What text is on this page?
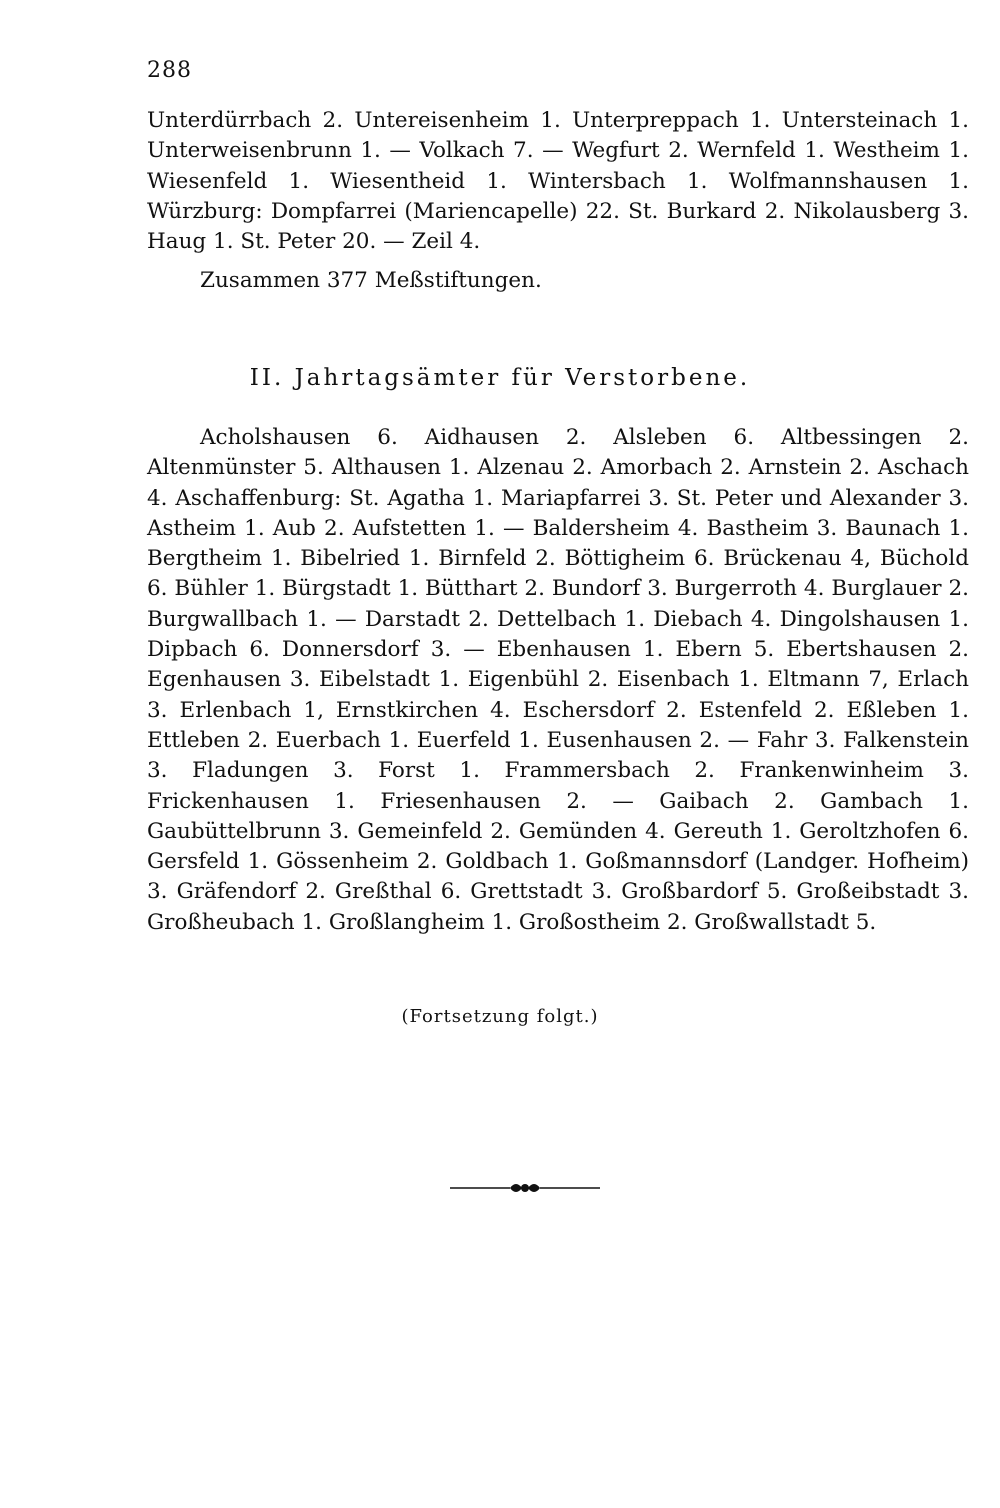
288
Unterdürrbach 2. Untereisenheim 1. Unterpreppach 1. Untersteinach 1. Unterweisenbrunn 1. — Volkach 7. — Wegfurt 2. Wernfeld 1. Westheim 1. Wiesenfeld 1. Wiesentheid 1. Wintersbach 1. Wolfmannshausen 1. Würzburg: Dompfarrei (Mariencapelle) 22. St. Burkard 2. Nikolausberg 3. Haug 1. St. Peter 20. — Zeil 4.
Zusammen 377 Meßstiftungen.
II. Jahrtagsämter für Verstorbene.
Acholshausen 6. Aidhausen 2. Alsleben 6. Altbessingen 2. Altenmünster 5. Althausen 1. Alzenau 2. Amorbach 2. Arnstein 2. Aschach 4. Aschaffenburg: St. Agatha 1. Mariapfarrei 3. St. Peter und Alexander 3. Astheim 1. Aub 2. Aufstetten 1. — Baldersheim 4. Bastheim 3. Baunach 1. Bergtheim 1. Bibelried 1. Birnfeld 2. Böttigheim 6. Brückenau 4, Büchold 6. Bühler 1. Bürgstadt 1. Bütthart 2. Bundorf 3. Burgerroth 4. Burglauer 2. Burgwallbach 1. — Darstadt 2. Dettelbach 1. Diebach 4. Dingolshausen 1. Dipbach 6. Donnersdorf 3. — Ebenhausen 1. Ebern 5. Ebertshausen 2. Egenhausen 3. Eibelstadt 1. Eigenbühl 2. Eisenbach 1. Eltmann 7, Erlach 3. Erlenbach 1, Ernstkirchen 4. Eschersdorf 2. Estenfeld 2. Eßleben 1. Ettleben 2. Euerbach 1. Euerfeld 1. Eusenhausen 2. — Fahr 3. Falkenstein 3. Fladungen 3. Forst 1. Frammersbach 2. Frankenwinheim 3. Frickenhausen 1. Friesenhausen 2. — Gaibach 2. Gambach 1. Gaubüttelbrunn 3. Gemeinfeld 2. Gemünden 4. Gereuth 1. Geroltzhofen 6. Gersfeld 1. Gössenheim 2. Goldbach 1. Goßmannsdorf (Landger. Hofheim) 3. Gräfendorf 2. Greßthal 6. Grettstadt 3. Großbardorf 5. Großeibstadt 3. Großheubach 1. Großlangheim 1. Großostheim 2. Großwallstadt 5.
(Fortsetzung folgt.)
